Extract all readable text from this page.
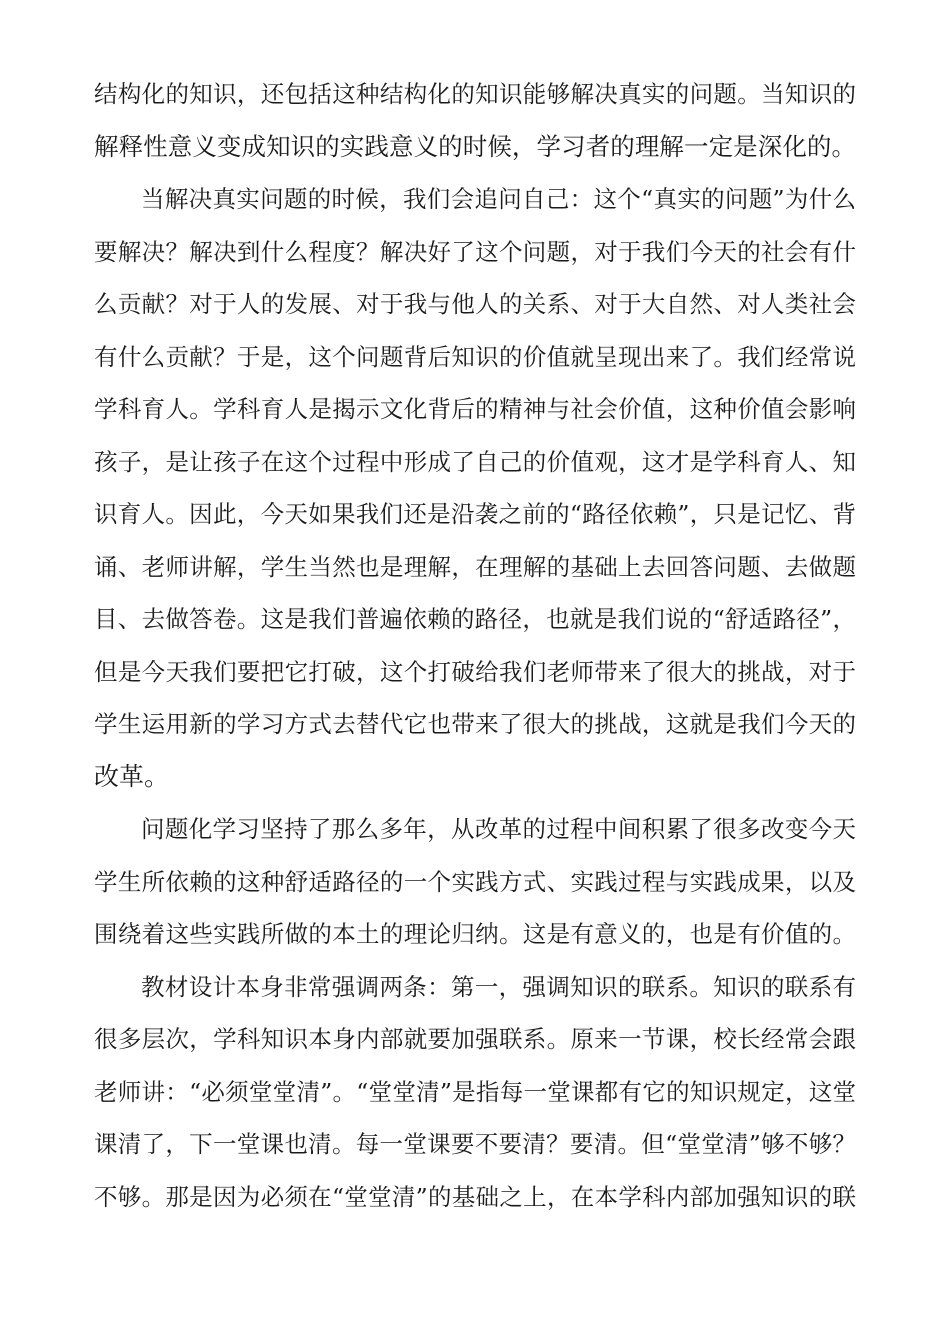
结构化的知识，还包括这种结构化的知识能够解决真实的问题。当知识的
解释性意义变成知识的实践意义的时候，学习者的理解一定是深化的。
当解决真实问题的时候，我们会追问自己：这个“真实的问题”为什么
要解决？解决到什么程度？解决好了这个问题，对于我们今天的社会有什
么贡献？对于人的发展、对于我与他人的关系、对于大自然、对人类社会
有什么贡献？于是，这个问题背后知识的价值就呈现出来了。我们经常说
学科育人。学科育人是揭示文化背后的精神与社会价值，这种价值会影响
孩子，是让孩子在这个过程中形成了自己的价值观，这才是学科育人、知
识育人。因此，今天如果我们还是沿袭之前的“路径依赖”，只是记忆、背
诵、老师讲解，学生当然也是理解，在理解的基础上去回答问题、去做题
目、去做答卷。这是我们普遍依赖的路径，也就是我们说的“舒适路径”，
但是今天我们要把它打破，这个打破给我们老师带来了很大的挑战，对于
学生运用新的学习方式去替代它也带来了很大的挑战，这就是我们今天的
改革。
问题化学习坚持了那么多年，从改革的过程中间积累了很多改变今天
学生所依赖的这种舒适路径的一个实践方式、实践过程与实践成果，以及
围绕着这些实践所做的本土的理论归纳。这是有意义的，也是有价值的。
教材设计本身非常强调两条：第一，强调知识的联系。知识的联系有
很多层次，学科知识本身内部就要加强联系。原来一节课，校长经常会跟
老师讲：“必须堂堂清”。“堂堂清”是指每一堂课都有它的知识规定，这堂
课清了，下一堂课也清。每一堂课要不要清？要清。但“堂堂清”够不够？
不够。那是因为必须在“堂堂清”的基础之上，在本学科内部加强知识的联
